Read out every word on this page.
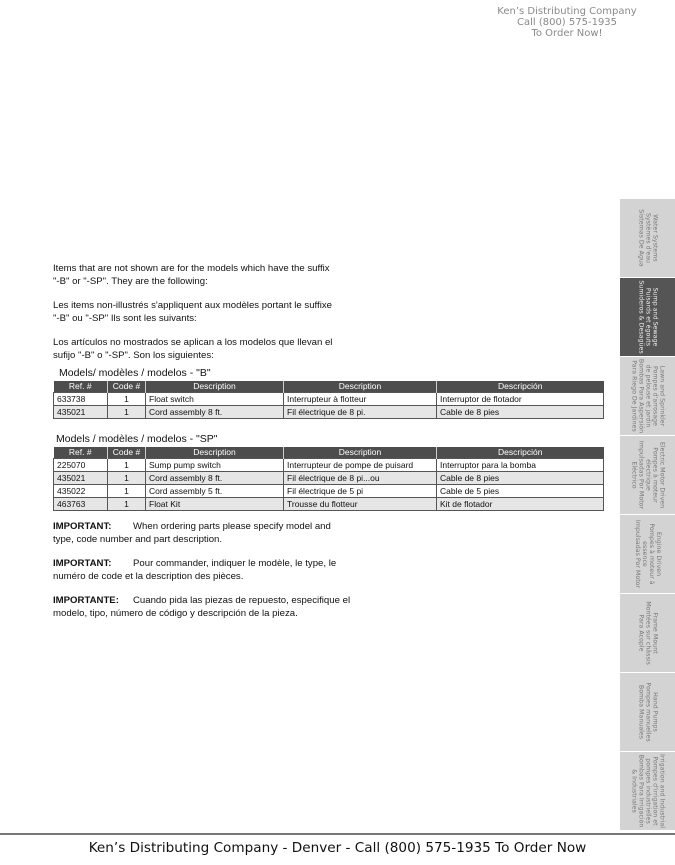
Ken’s Distributing Company
Call (800) 575-1935
To Order Now!

Items that are not shown are for the models which have the suffix
"-B" or "-SP". They are the following:

Les items non-illustrés s'appliquent aux modèles portant le suffixe
"-B" ou "-SP" Ils sont les suivants:

Los artículos no mostrados se aplican a los modelos que llevan el
sufijo "-B" o "-SP". Son los siguientes:

Models/ modèles / modelos - "B"
Ref. #	Code #	Description	Description	Descripción
633738	1	Float switch	Interrupteur à flotteur	Interruptor de flotador
435021	1	Cord assembly 8 ft.	Fil électrique de 8 pi.	Cable de 8 pies
Models / modèles / modelos - "SP"
Ref. #	Code #	Description	Description	Descripción
225070	1	Sump pump switch	Interrupteur de pompe de puisard	Interruptor para la bomba
435021	1	Cord assembly 8 ft.	Fil électrique de 8 pi...ou	Cable de 8 pies
435022	1	Cord assembly 5 ft.	Fil électrique de 5 pi	Cable de 5 pies
463763	1	Float Kit	Trousse du flotteur	Kit de flotador

IMPORTANT: When ordering parts please specify model and type, code number and part description.

IMPORTANT: Pour commander, indiquer le modèle, le type, le numéro de code et la description des pièces.

IMPORTANTE: Cuando pida las piezas de repuesto, especifique el modelo, tipo, número de código y descripción de la pieza.

Water Systems
Systèmes d'eau
Sistemas De Agua
Sump and Sewage
Puisards et égouts
Sumideros & Desagües
Lawn and Sprinkler
Pompes d'arrosage
de pelouse et jardin
Bombas Para Aspersión
Para Riego De Jardines
Electric Motor Driven
Pompes à moteur
électrique
Impulsadas Por Motor
Eléctrico
Engine Driven
Pompes à moteur à
essence
Impulsadas Por Motor
Frame Mount
Montées sur châssis
Para Acople
Hand Pumps
Pompes manuelles
Bomba Manuales
Irrigation and Industrial
Pompes d'irrigation et
pompes industrielles
Bombas Para Irrigación
& Industriales
Ken’s Distributing Company - Denver - Call (800) 575-1935 To Order Now
